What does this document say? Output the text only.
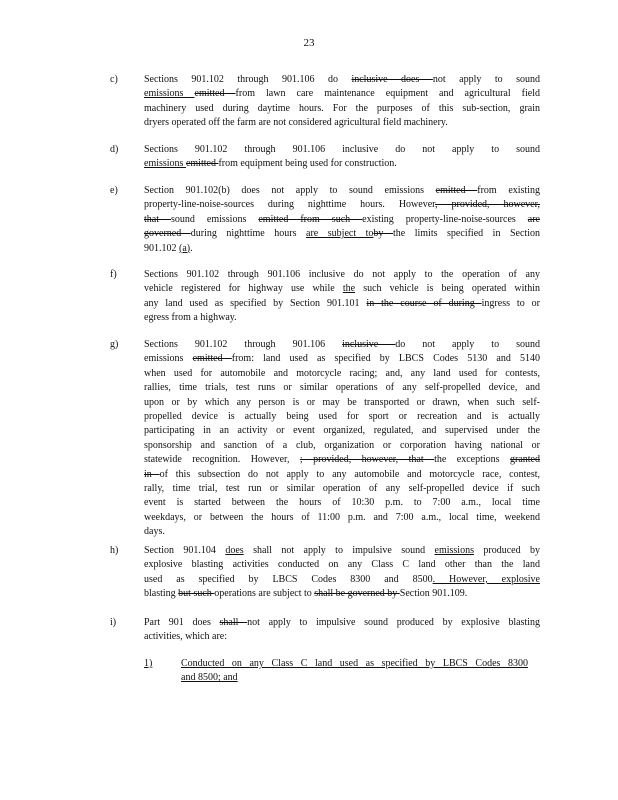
23
c)	Sections 901.102 through 901.106 do inclusive does not apply to sound
emissions emitted from lawn care maintenance equipment and agricultural field
machinery used during daytime hours. For the purposes of this sub-section, grain
dryers operated off the farm are not considered agricultural field machinery.
d)	Sections 901.102 through 901.106 inclusive do not apply to sound
emissions emitted from equipment being used for construction.
e)	Section 901.102(b) does not apply to sound emissions emitted from existing
property-line-noise-sources during nighttime hours. However, provided, however,
that sound emissions emitted from such existing property-line-noise-sources are
governed during nighttime hours are subject toby the limits specified in Section
901.102 (a).
f)	Sections 901.102 through 901.106 inclusive do not apply to the operation of any
vehicle registered for highway use while the such vehicle is being operated within
any land used as specified by Section 901.101 in the course of during ingress to or
egress from a highway.
g)	Sections 901.102 through 901.106 inclusive do not apply to sound
emissions emitted from: land used as specified by LBCS Codes 5130 and 5140
when used for automobile and motorcycle racing; and, any land used for contests,
rallies, time trials, test runs or similar operations of any self-propelled device, and
upon or by which any person is or may be transported or drawn, when such self-
propelled device is actually being used for sport or recreation and is actually
participating in an activity or event organized, regulated, and supervised under the
sponsorship and sanction of a club, organization or corporation having national or
statewide recognition. However, ; provided, however, that the exceptions granted
in of this subsection do not apply to any automobile and motorcycle race, contest,
rally, time trial, test run or similar operation of any self-propelled device if such
event is started between the hours of 10:30 p.m. to 7:00 a.m., local time
weekdays, or between the hours of 11:00 p.m. and 7:00 a.m., local time, weekend
days.
h)	Section 901.104 does shall not apply to impulsive sound emissions produced by
explosive blasting activities conducted on any Class C land other than the land
used as specified by LBCS Codes 8300 and 8500. However, explosive
blasting but such operations are subject to shall be governed by Section 901.109.
i)	Part 901 does shall not apply to impulsive sound produced by explosive blasting
activities, which are:
1)	Conducted on any Class C land used as specified by LBCS Codes 8300
and 8500; and
